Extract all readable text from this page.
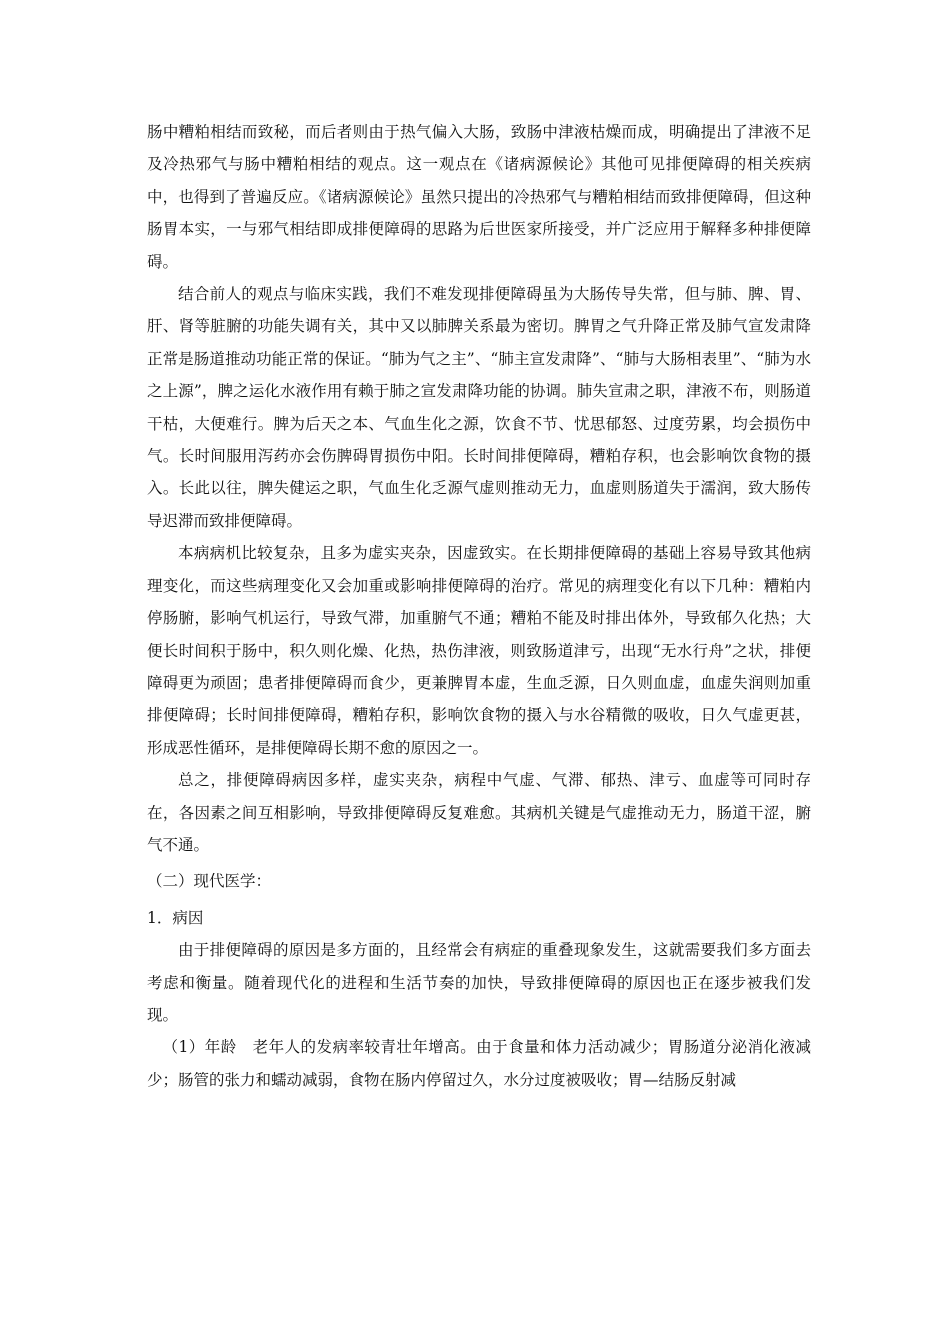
肠中糟粕相结而致秘，而后者则由于热气偏入大肠，致肠中津液枯燥而成，明确提出了津液不足及冷热邪气与肠中糟粕相结的观点。这一观点在《诸病源候论》其他可见排便障碍的相关疾病中，也得到了普遍反应。《诸病源候论》虽然只提出的冷热邪气与糟粕相结而致排便障碍，但这种肠胃本实，一与邪气相结即成排便障碍的思路为后世医家所接受，并广泛应用于解释多种排便障碍。

结合前人的观点与临床实践，我们不难发现排便障碍虽为大肠传导失常，但与肺、脾、胃、肝、肾等脏腑的功能失调有关，其中又以肺脾关系最为密切。脾胃之气升降正常及肺气宣发肃降正常是肠道推动功能正常的保证。“肺为气之主”、“肺主宣发肃降”、“肺与大肠相表里”、“肺为水之上源”，脾之运化水液作用有赖于肺之宣发肃降功能的协调。肺失宣肃之职，津液不布，则肠道干枯，大便难行。脾为后天之本、气血生化之源，饮食不节、忧思郁怒、过度劳累，均会损伤中气。长时间服用泻药亦会伤脾碍胃损伤中阳。长时间排便障碍，糟粕存积，也会影响饮食物的摄入。长此以往，脾失健运之职，气血生化乏源气虚则推动无力，血虚则肠道失于濡润，致大肠传导迟滞而致排便障碍。

本病病机比较复杂，且多为虚实夹杂，因虚致实。在长期排便障碍的基础上容易导致其他病理变化，而这些病理变化又会加重或影响排便障碍的治疗。常见的病理变化有以下几种：糟粕内停肠腑，影响气机运行，导致气滞，加重腑气不通；糟粕不能及时排出体外，导致郁久化热；大便长时间积于肠中，积久则化燥、化热，热伤津液，则致肠道津亏，出现“无水行舟”之状，排便障碍更为顽固；患者排便障碍而食少，更兼脾胃本虚，生血乏源，日久则血虚，血虚失润则加重排便障碍；长时间排便障碍，糟粕存积，影响饮食物的摄入与水谷精微的吸收，日久气虚更甚，形成恶性循环，是排便障碍长期不愈的原因之一。

总之，排便障碍病因多样，虚实夹杂，病程中气虚、气滞、郁热、津亏、血虚等可同时存在，各因素之间互相影响，导致排便障碍反复难愈。其病机关键是气虚推动无力，肠道干涩，腑气不通。

（二）现代医学：

1．病因

由于排便障碍的原因是多方面的，且经常会有病症的重叠现象发生，这就需要我们多方面去考虑和衡量。随着现代化的进程和生活节奏的加快，导致排便障碍的原因也正在逐步被我们发现。

（1）年龄　老年人的发病率较青壮年增高。由于食量和体力活动减少；胃肠道分泌消化液减少；肠管的张力和蠕动减弱，食物在肠内停留过久，水分过度被吸收；胃—结肠反射减
